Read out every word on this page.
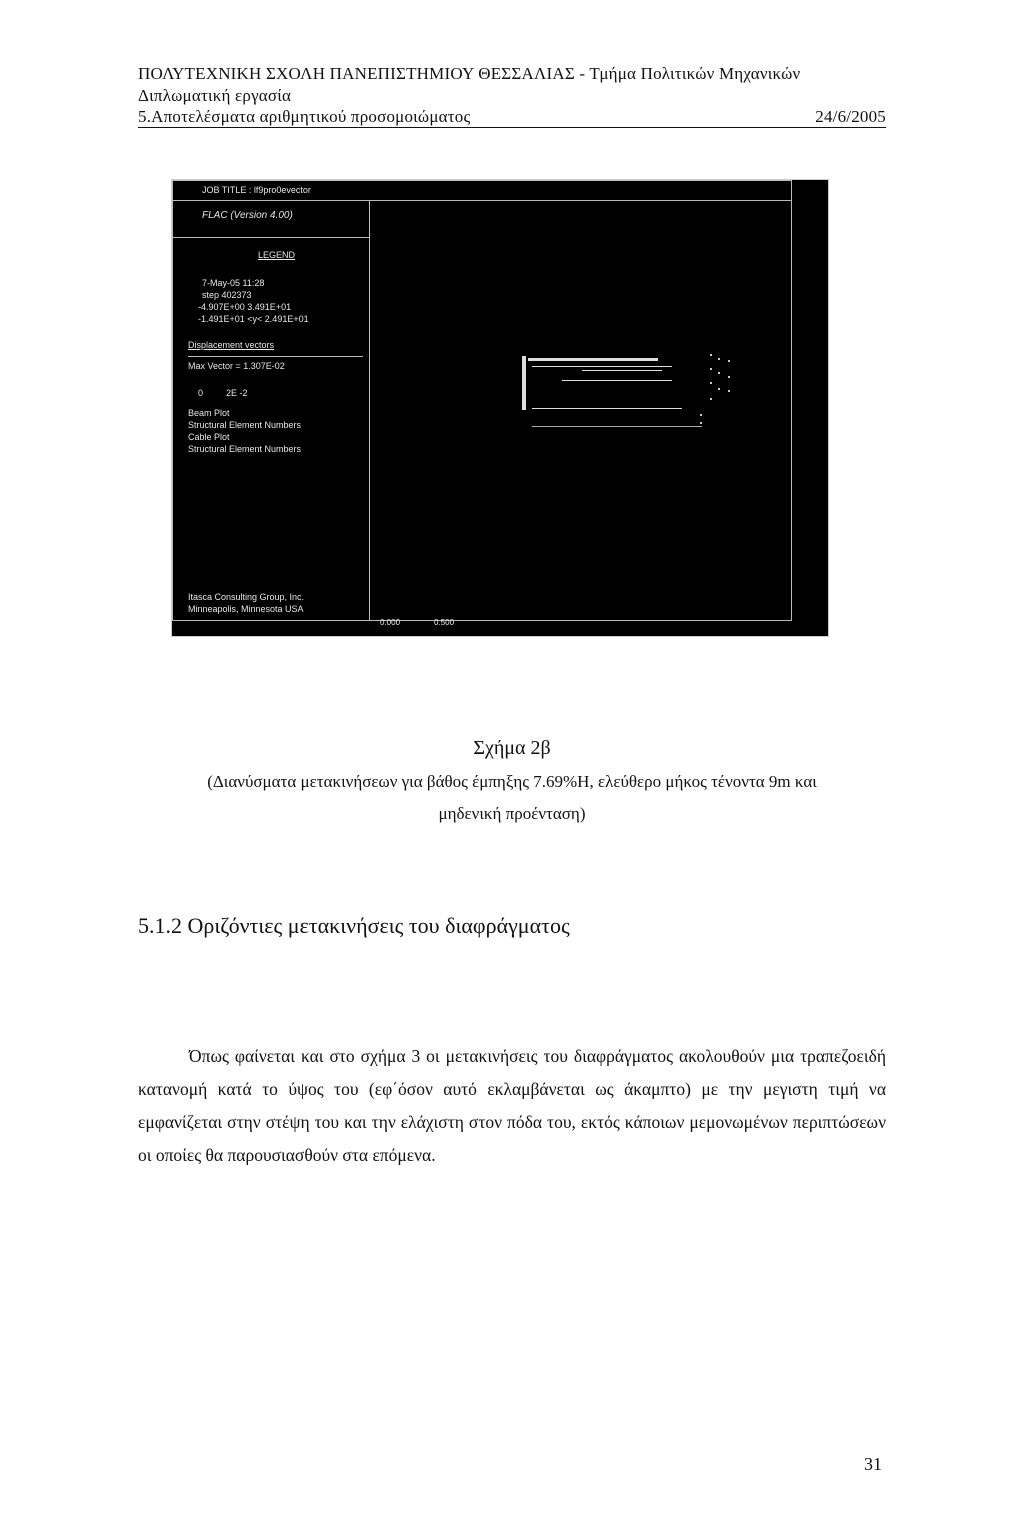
ΠΟΛΥΤΕΧΝΙΚΗ ΣΧΟΛΗ ΠΑΝΕΠΙΣΤΗΜΙΟΥ ΘΕΣΣΑΛΙΑΣ - Τμήμα Πολιτικών Μηχανικών
Διπλωματική εργασία
5.Αποτελέσματα αριθμητικού προσομοιώματος	24/6/2005
JOB TITLE : lf9pro0evector
FLAC (Version 4.00)
LEGEND
7-May-05 11:28
step 402373
-4.907E+00 3.491E+01
-1.491E+01 <y< 2.491E+01
Displacement vectors
Max Vector = 1.307E-02
0	2E -2
Beam Plot
Structural Element Numbers
Cable Plot
Structural Element Numbers
Itasca Consulting Group, Inc.
Minneapolis, Minnesota USA
0.000	0.500
Σχήμα 2β
(Διανύσματα μετακινήσεων για βάθος έμπηξης 7.69%Η, ελεύθερο μήκος τένοντα 9m και
μηδενική προένταση)
5.1.2 Οριζόντιες μετακινήσεις του διαφράγματος
Όπως φαίνεται και στο σχήμα 3 οι μετακινήσεις του διαφράγματος ακολουθούν μια τραπεζοειδή κατανομή κατά το ύψος του (εφ΄όσον αυτό εκλαμβάνεται ως άκαμπτο) με την μεγιστη τιμή να εμφανίζεται στην στέψη του και την ελάχιστη στον πόδα του, εκτός κάποιων μεμονωμένων περιπτώσεων οι οποίες θα παρουσιασθούν στα επόμενα.
31
